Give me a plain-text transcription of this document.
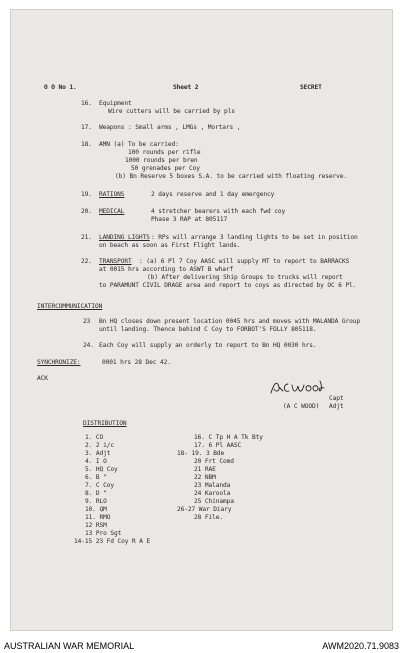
O O No 1.	Sheet 2	SECRET
16. Equipment
Wire cutters will be carried by pls
17. Weapons : Small arms , LMGs , Mortars ,
18. AMN (a) To be carried:
100 rounds per rifle
1000 rounds per bren
50 grenades per Coy
(b) Bn Reserve 5 boxes S.A. to be carried with floating reserve.
19. RATIONS	2 days reserve and 1 day emergency
20. MEDICAL	4 stretcher bearers with each fwd coy
Phase 3 RAP at 805117
21. LANDING LIGHTS : RPs will arrange 3 landing lights to be set in position
on beach as soon as First Flight lands.
22. TRANSPORT : (a) 6 Pl 7 Coy AASC will supply MT to report to BARRACKS
at 0015 hrs according to ASWT B wharf
(b) After delivering Ship Groups to trucks will report
to PARAMUNT CIVIL DRAGE area and report to coys as directed by OC 6 Pl.
INTERCOMMUNICATION
23 Bn HQ closes down present location 0045 hrs and moves with MALANDA Group
until landing. Thence behind C Coy to FORBOT'S FOLLY 805118.
24. Each Coy will supply an orderly to report to Bn HQ 0030 hrs.
SYNCHRONIZE:	0001 hrs 28 Dec 42.
ACK
Capt
(A C WOOD) Adjt
DISTRIBUTION
1. CO
2. 2 i/c
3. Adjt
4. I O
5. HQ Coy
6. B "
7. C Coy
8. D "
9. RLO
10. QM
11. RMO
12 RSM
13 Pro Sgt
14-15 23 Fd Coy R A E
16. C Tp H A Tk Bty
17. 6 Pl AASC
18- 19. 3 Bde
20 Frt Comd
21 RAE
22 NBM
23 Malanda
24 Karoola
25 Chinampa
26-27 War Diary
28 File.
AUSTRALIAN WAR MEMORIAL	AWM2020.71.9083
